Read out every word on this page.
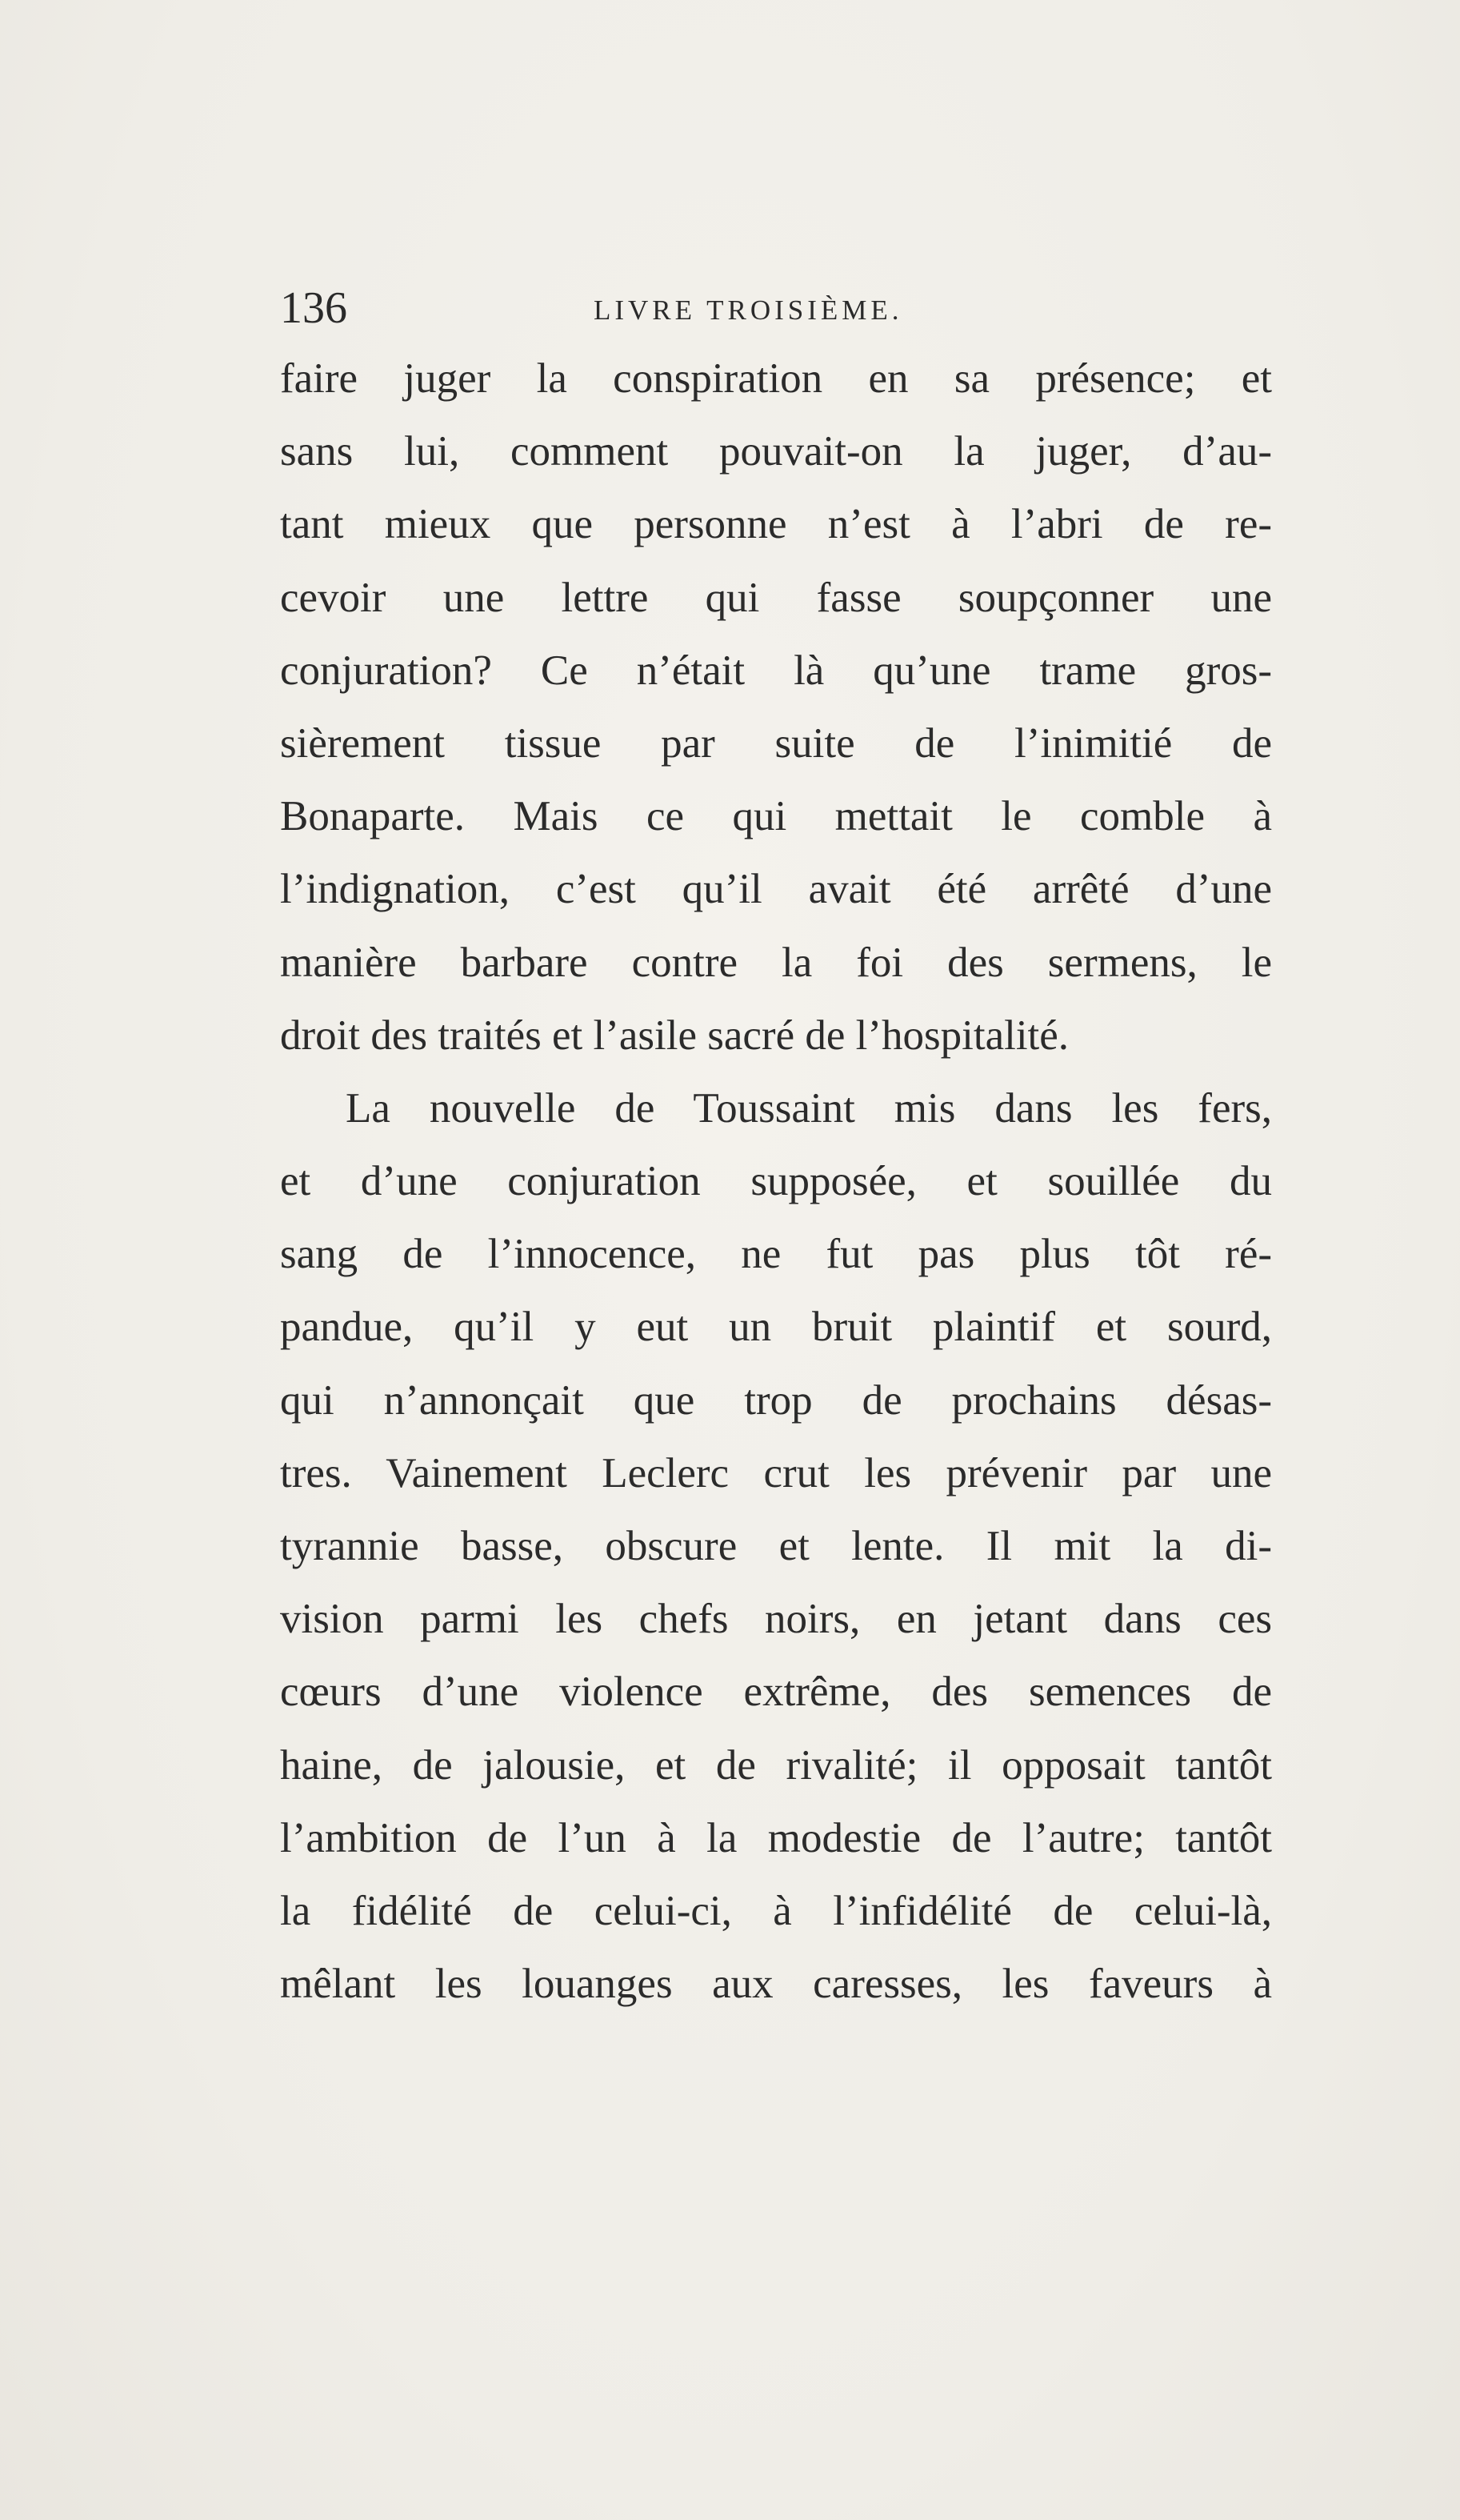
136	LIVRE TROISIÈME.
faire juger la conspiration en sa présence; et
sans lui, comment pouvait-on la juger, d’au-
tant mieux que personne n’est à l’abri de re-
cevoir une lettre qui fasse soupçonner une
conjuration? Ce n’était là qu’une trame gros-
sièrement tissue par suite de l’inimitié de
Bonaparte. Mais ce qui mettait le comble à
l’indignation, c’est qu’il avait été arrêté d’une
manière barbare contre la foi des sermens, le
droit des traités et l’asile sacré de l’hospitalité.
La nouvelle de Toussaint mis dans les fers,
et d’une conjuration supposée, et souillée du
sang de l’innocence, ne fut pas plus tôt ré-
pandue, qu’il y eut un bruit plaintif et sourd,
qui n’annonçait que trop de prochains désas-
tres. Vainement Leclerc crut les prévenir par une
tyrannie basse, obscure et lente. Il mit la di-
vision parmi les chefs noirs, en jetant dans ces
cœurs d’une violence extrême, des semences de
haine, de jalousie, et de rivalité; il opposait tantôt
l’ambition de l’un à la modestie de l’autre; tantôt
la fidélité de celui-ci, à l’infidélité de celui-là,
mêlant les louanges aux caresses, les faveurs à
